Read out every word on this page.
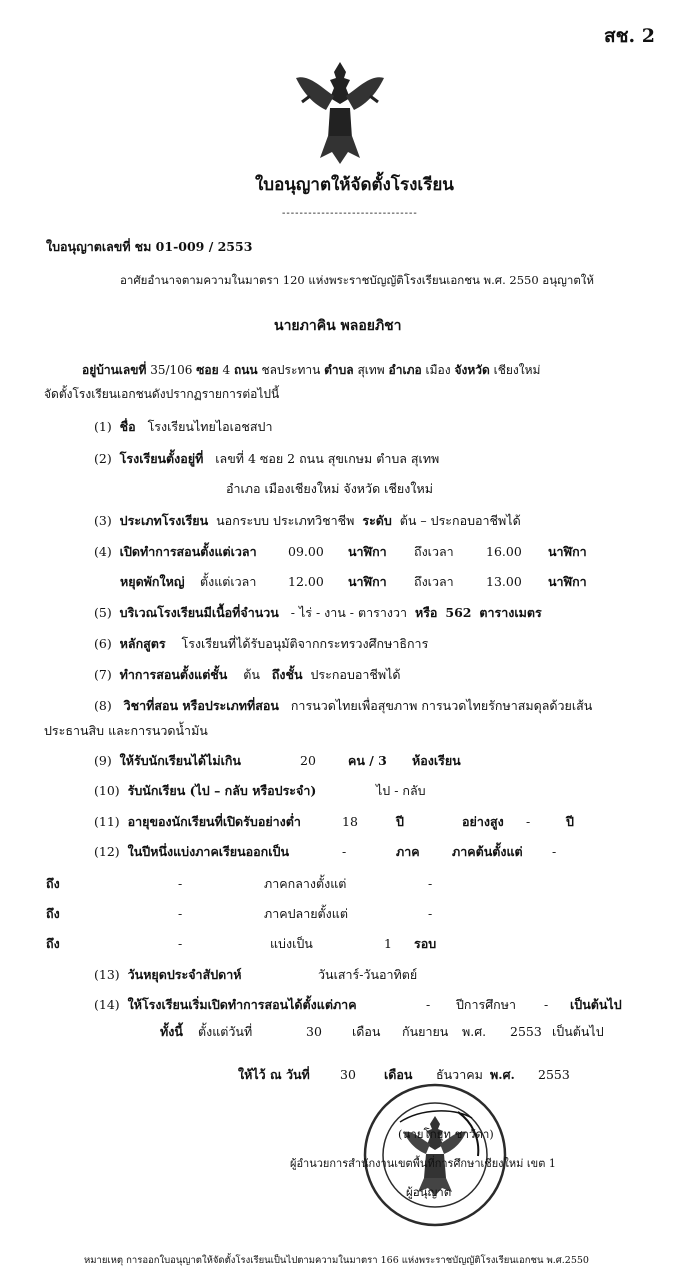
สช. 2
ใบอนุญาตให้จัดตั้งโรงเรียน
-------------------------------
ใบอนุญาตเลขที่ ชม 01-009 / 2553
อาศัยอำนาจตามความในมาตรา 120 แห่งพระราชบัญญัติโรงเรียนเอกชน พ.ศ. 2550 อนุญาตให้
นายภาคิน พลอยภิชา
อยู่บ้านเลขที่ 35/106 ซอย 4 ถนน ชลประทาน ตำบล สุเทพ อำเภอ เมือง จังหวัด เชียงใหม่
จัดตั้งโรงเรียนเอกชนดังปรากฏรายการต่อไปนี้
(1) ชื่อ โรงเรียนไทยไอเอชสปา
(2) โรงเรียนตั้งอยู่ที่ เลขที่ 4 ซอย 2 ถนน สุขเกษม ตำบล สุเทพ
อำเภอ เมืองเชียงใหม่ จังหวัด เชียงใหม่
(3) ประเภทโรงเรียน นอกระบบ ประเภทวิชาชีพ ระดับ ต้น – ประกอบอาชีพได้
(4) เปิดทำการสอนตั้งแต่เวลา	09.00 นาฬิกา ถึงเวลา	16.00 นาฬิกา
หยุดพักใหญ่ ตั้งแต่เวลา	12.00 นาฬิกา ถึงเวลา	13.00 นาฬิกา
(5) บริเวณโรงเรียนมีเนื้อที่จำนวน - ไร่ - งาน - ตารางวา หรือ 562 ตารางเมตร
(6) หลักสูตร โรงเรียนที่ได้รับอนุมัติจากกระทรวงศึกษาธิการ
(7) ทำการสอนตั้งแต่ชั้น ต้น ถึงชั้น ประกอบอาชีพได้
(8) วิชาที่สอน หรือประเภทที่สอน การนวดไทยเพื่อสุขภาพ การนวดไทยรักษาสมดุลด้วยเส้น
ประธานสิบ และการนวดน้ำมัน
(9) ให้รับนักเรียนได้ไม่เกิน	20	คน / 3 ห้องเรียน
(10) รับนักเรียน (ไป – กลับ หรือประจำ)	ไป - กลับ
(11) อายุของนักเรียนที่เปิดรับอย่างต่ำ	18	ปี	อย่างสูง -	ปี
(12) ในปีหนึ่งแบ่งภาคเรียนออกเป็น	-	ภาค	ภาคต้นตั้งแต่ -
ถึง	-	ภาคกลางตั้งแต่	-
ถึง	-	ภาคปลายตั้งแต่	-
ถึง	-	แบ่งเป็น	1 รอบ
(13) วันหยุดประจำสัปดาห์	วันเสาร์-วันอาทิตย์
(14) ให้โรงเรียนเริ่มเปิดทำการสอนได้ตั้งแต่ภาค	- ปีการศึกษา - เป็นต้นไป
ทั้งนี้ ตั้งแต่วันที่	30 เดือน กันยายน พ.ศ. 2553 เป็นต้นไป
ให้ไว้ ณ วันที่ 30 เดือน ธันวาคม พ.ศ. 2553
(นายโกยุท ชาวัดา)
ผู้อำนวยการสำนักงานเขตพื้นที่การศึกษาเชียงใหม่ เขต 1
ผู้อนุญาต
หมายเหตุ การออกใบอนุญาตให้จัดตั้งโรงเรียนเป็นไปตามความในมาตรา 166 แห่งพระราชบัญญัติโรงเรียนเอกชน พ.ศ.2550
